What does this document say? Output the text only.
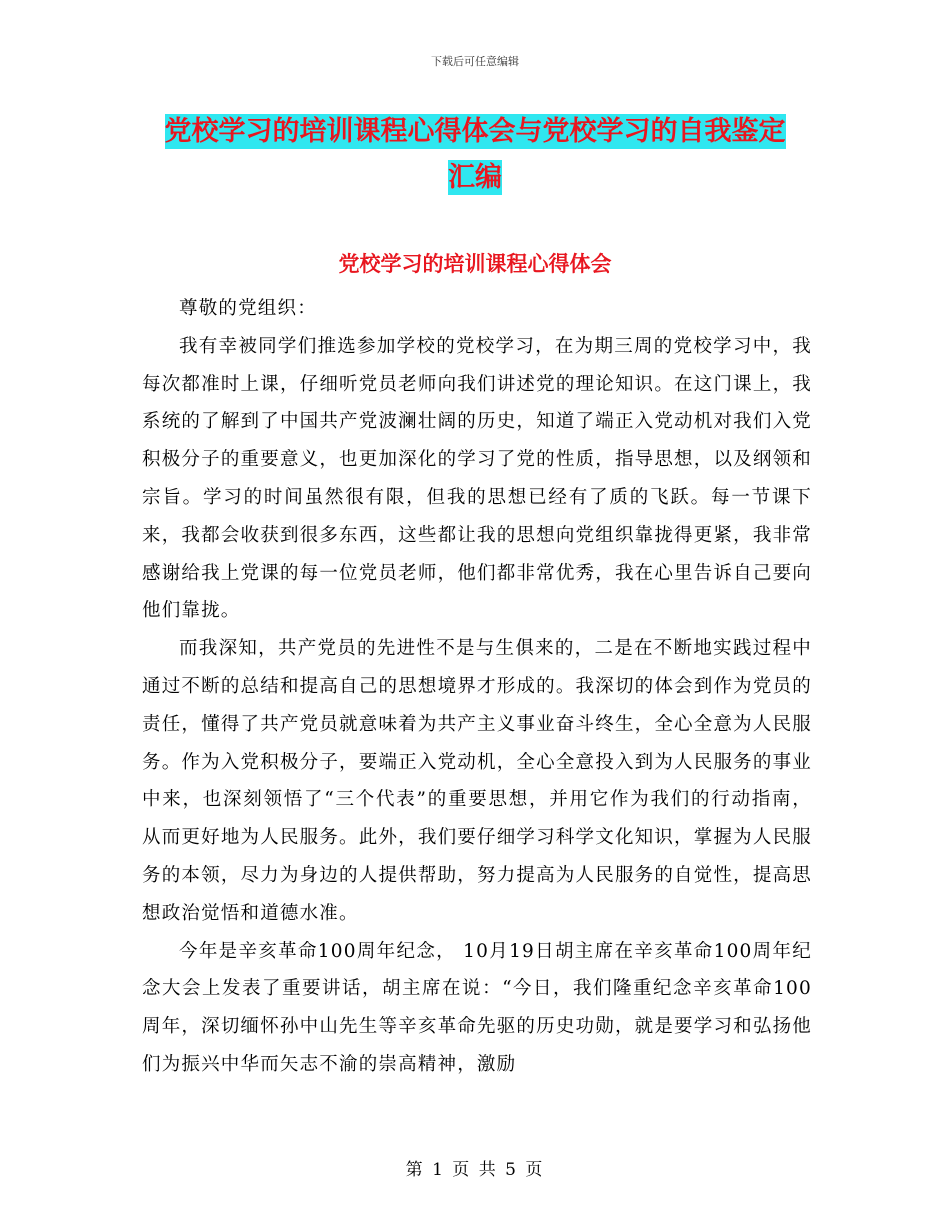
下载后可任意编辑
党校学习的培训课程心得体会与党校学习的自我鉴定
汇编
党校学习的培训课程心得体会

尊敬的党组织：

我有幸被同学们推选参加学校的党校学习，在为期三周的党校学习中，我每次都准时上课，仔细听党员老师向我们讲述党的理论知识。在这门课上，我系统的了解到了中国共产党波澜壮阔的历史，知道了端正入党动机对我们入党积极分子的重要意义，也更加深化的学习了党的性质，指导思想，以及纲领和宗旨。学习的时间虽然很有限，但我的思想已经有了质的飞跃。每一节课下来，我都会收获到很多东西，这些都让我的思想向党组织靠拢得更紧，我非常感谢给我上党课的每一位党员老师，他们都非常优秀，我在心里告诉自己要向他们靠拢。

而我深知，共产党员的先进性不是与生俱来的，二是在不断地实践过程中通过不断的总结和提高自己的思想境界才形成的。我深切的体会到作为党员的责任，懂得了共产党员就意味着为共产主义事业奋斗终生，全心全意为人民服务。作为入党积极分子，要端正入党动机，全心全意投入到为人民服务的事业中来，也深刻领悟了“三个代表”的重要思想，并用它作为我们的行动指南，从而更好地为人民服务。此外，我们要仔细学习科学文化知识，掌握为人民服务的本领，尽力为身边的人提供帮助，努力提高为人民服务的自觉性，提高思想政治觉悟和道德水准。

今年是辛亥革命100周年纪念， 10月19日胡主席在辛亥革命100周年纪念大会上发表了重要讲话，胡主席在说：“今日，我们隆重纪念辛亥革命100周年，深切缅怀孙中山先生等辛亥革命先驱的历史功勋，就是要学习和弘扬他们为振兴中华而矢志不渝的崇高精神，激励

第 1 页 共 5 页
